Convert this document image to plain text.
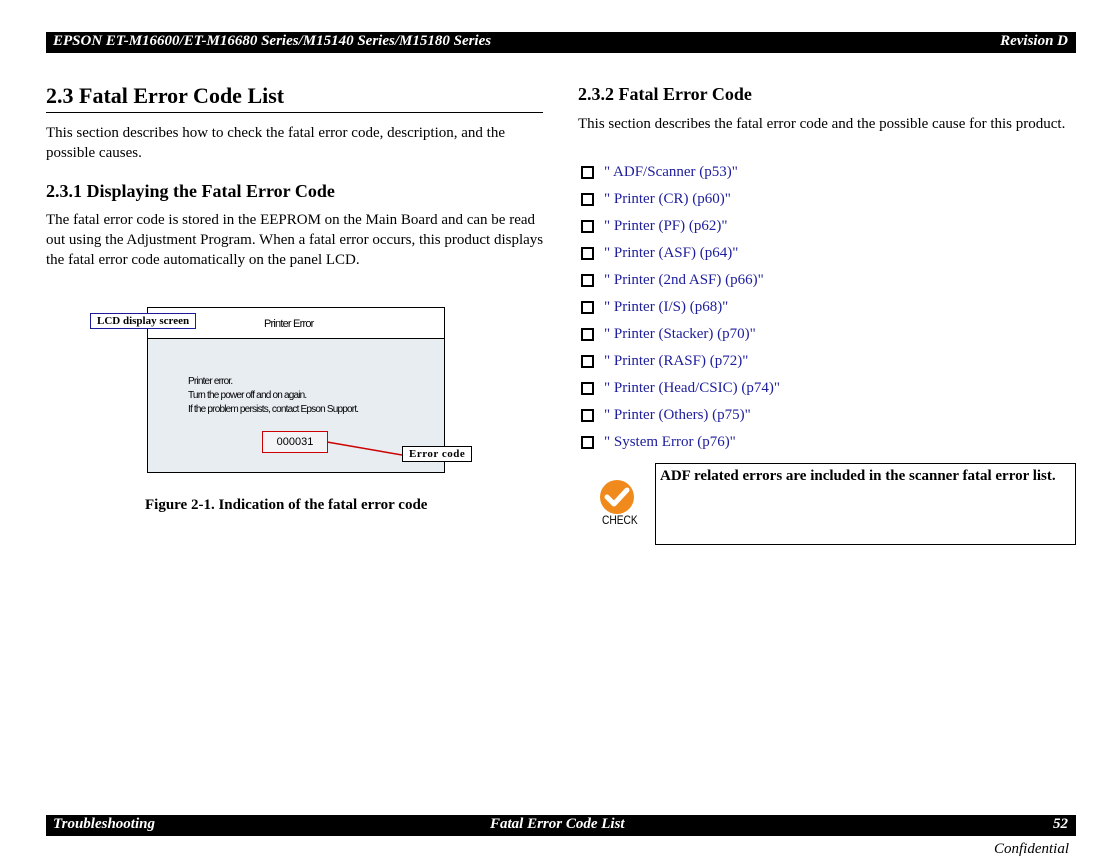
EPSON ET-M16600/ET-M16680 Series/M15140 Series/M15180 Series	Revision D
2.3 Fatal Error Code List

This section describes how to check the fatal error code, description, and the possible causes.

2.3.1 Displaying the Fatal Error Code

The fatal error code is stored in the EEPROM on the Main Board and can be read out using the Adjustment Program. When a fatal error occurs, this product displays the fatal error code automatically on the panel LCD.

Printer Error
Printer error.
Turn the power off and on again.
If the problem persists, contact Epson Support.
000031
LCD display screen
Error code
Figure 2-1. Indication of the fatal error code
2.3.2 Fatal Error Code

This section describes the fatal error code and the possible cause for this product.

" ADF/Scanner (p53)"
" Printer (CR) (p60)"
" Printer (PF) (p62)"
" Printer (ASF) (p64)"
" Printer (2nd ASF) (p66)"
" Printer (I/S) (p68)"
" Printer (Stacker) (p70)"
" Printer (RASF) (p72)"
" Printer (Head/CSIC) (p74)"
" Printer (Others) (p75)"
" System Error (p76)"
CHECK
ADF related errors are included in the scanner fatal error list.
Troubleshooting	Fatal Error Code List	52
Confidential
